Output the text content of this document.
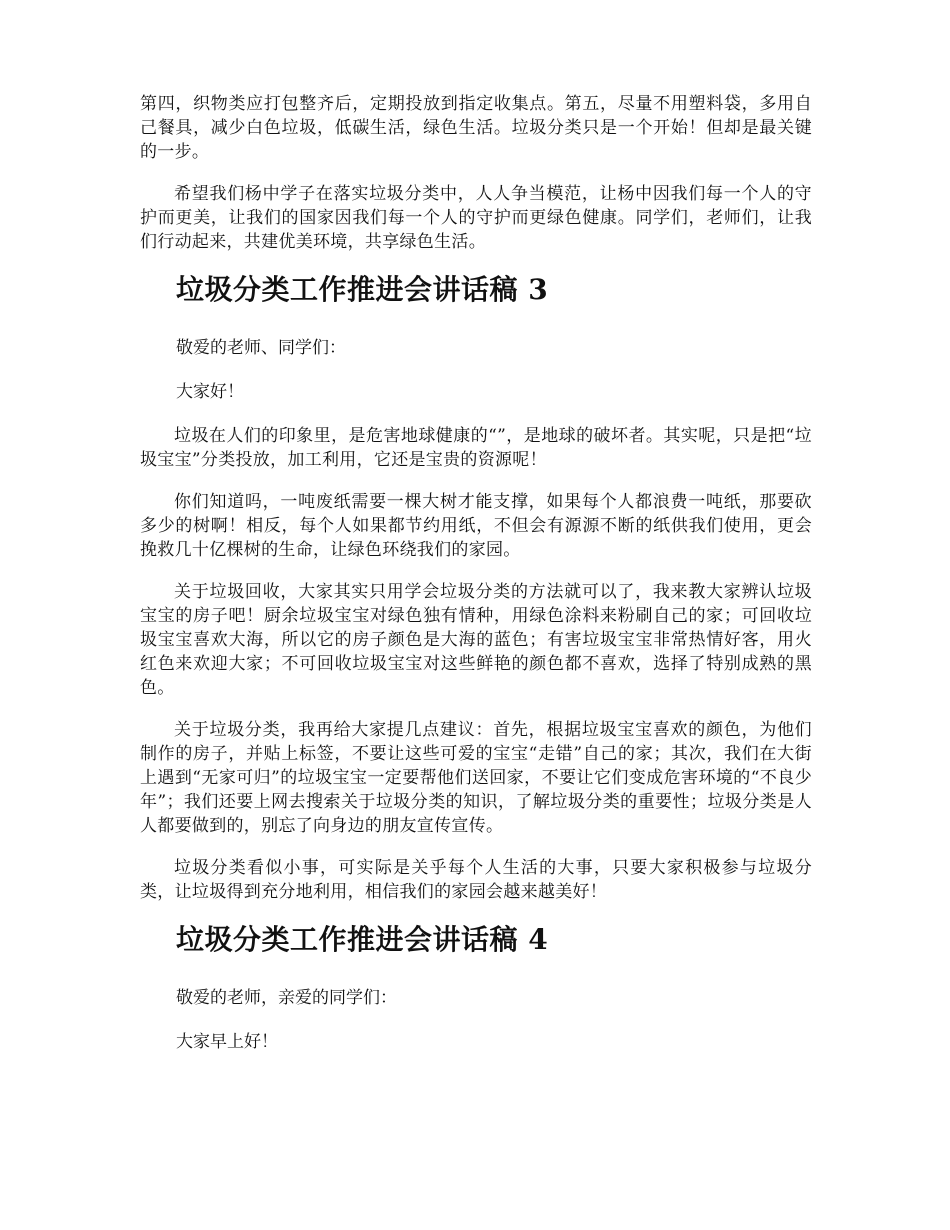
第四，织物类应打包整齐后，定期投放到指定收集点。第五，尽量不用塑料袋，多用自己餐具，减少白色垃圾，低碳生活，绿色生活。垃圾分类只是一个开始！但却是最关键的一步。

希望我们杨中学子在落实垃圾分类中，人人争当模范，让杨中因我们每一个人的守护而更美，让我们的国家因我们每一个人的守护而更绿色健康。同学们，老师们，让我们行动起来，共建优美环境，共享绿色生活。

垃圾分类工作推进会讲话稿 3
敬爱的老师、同学们：
大家好！

垃圾在人们的印象里，是危害地球健康的“”，是地球的破坏者。其实呢，只是把“垃圾宝宝”分类投放，加工利用，它还是宝贵的资源呢！

你们知道吗，一吨废纸需要一棵大树才能支撑，如果每个人都浪费一吨纸，那要砍多少的树啊！相反，每个人如果都节约用纸，不但会有源源不断的纸供我们使用，更会挽救几十亿棵树的生命，让绿色环绕我们的家园。

关于垃圾回收，大家其实只用学会垃圾分类的方法就可以了，我来教大家辨认垃圾宝宝的房子吧！厨余垃圾宝宝对绿色独有情种，用绿色涂料来粉刷自己的家；可回收垃圾宝宝喜欢大海，所以它的房子颜色是大海的蓝色；有害垃圾宝宝非常热情好客，用火红色来欢迎大家；不可回收垃圾宝宝对这些鲜艳的颜色都不喜欢，选择了特别成熟的黑色。

关于垃圾分类，我再给大家提几点建议：首先，根据垃圾宝宝喜欢的颜色，为他们制作的房子，并贴上标签，不要让这些可爱的宝宝“走错”自己的家；其次，我们在大街上遇到“无家可归”的垃圾宝宝一定要帮他们送回家，不要让它们变成危害环境的“不良少年”；我们还要上网去搜索关于垃圾分类的知识，了解垃圾分类的重要性；垃圾分类是人人都要做到的，别忘了向身边的朋友宣传宣传。

垃圾分类看似小事，可实际是关乎每个人生活的大事，只要大家积极参与垃圾分类，让垃圾得到充分地利用，相信我们的家园会越来越美好！

垃圾分类工作推进会讲话稿 4
敬爱的老师，亲爱的同学们：
大家早上好！
